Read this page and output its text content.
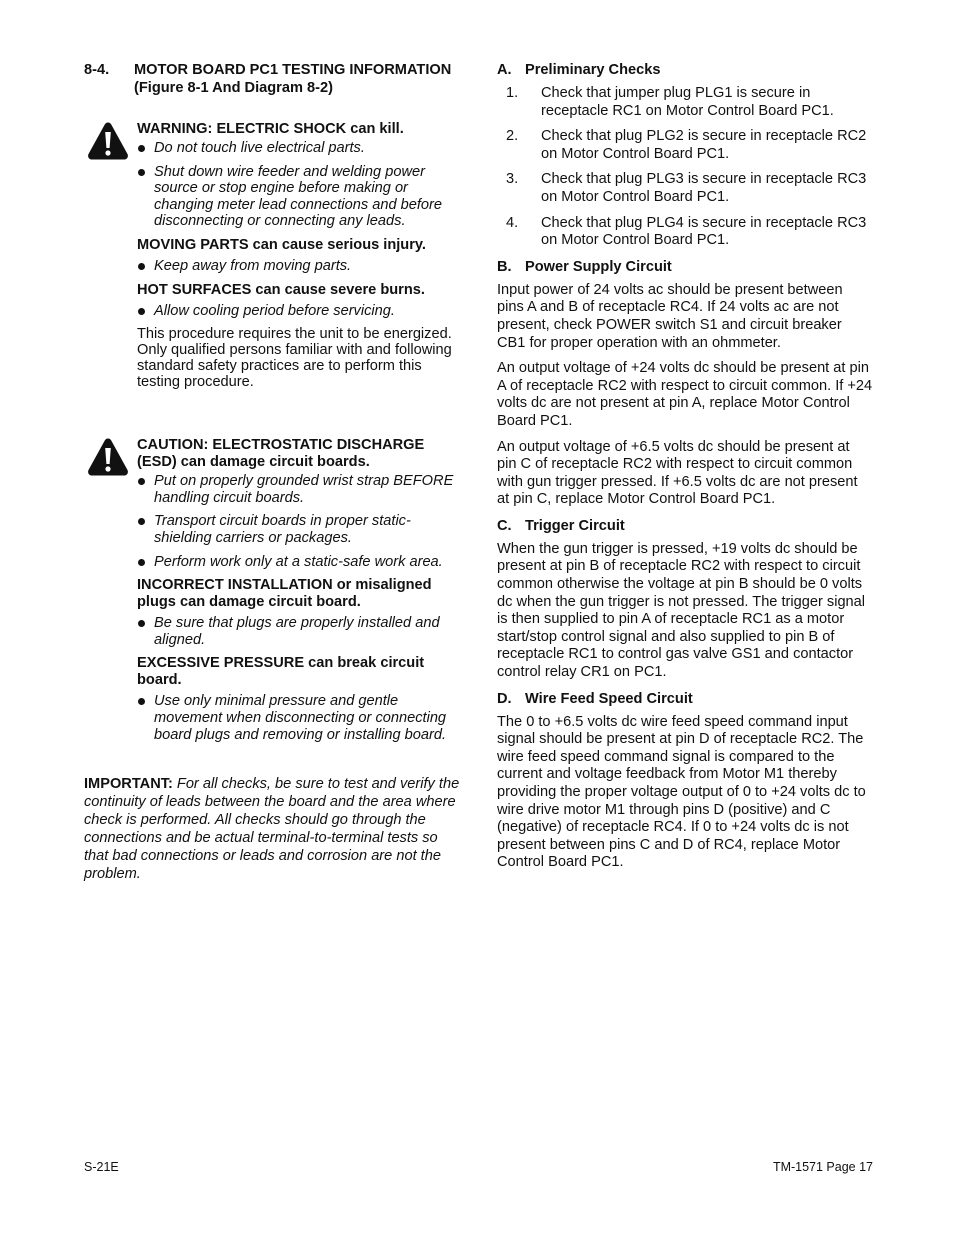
8-4.	MOTOR BOARD PC1 TESTING INFORMATION (Figure 8-1 And Diagram 8-2)

WARNING: ELECTRIC SHOCK can kill.

Do not touch live electrical parts.
Shut down wire feeder and welding power source or stop engine before making or changing meter lead connections and before disconnecting or connecting any leads.

MOVING PARTS can cause serious injury.

Keep away from moving parts.

HOT SURFACES can cause severe burns.

Allow cooling period before servicing.

This procedure requires the unit to be energized. Only qualified persons familiar with and following standard safety practices are to perform this testing procedure.

CAUTION: ELECTROSTATIC DISCHARGE (ESD) can damage circuit boards.

Put on properly grounded wrist strap BEFORE handling circuit boards.
Transport circuit boards in proper static-shielding carriers or packages.
Perform work only at a static-safe work area.

INCORRECT INSTALLATION or misaligned plugs can damage circuit board.

Be sure that plugs are properly installed and aligned.

EXCESSIVE PRESSURE can break circuit board.

Use only minimal pressure and gentle movement when disconnecting or connecting board plugs and removing or installing board.

IMPORTANT: For all checks, be sure to test and verify the continuity of leads between the board and the area where check is performed. All checks should go through the connections and be actual terminal-to-terminal tests so that bad connections or leads and corrosion are not the problem.

A. Preliminary Checks
1.	Check that jumper plug PLG1 is secure in receptacle RC1 on Motor Control Board PC1.
2.	Check that plug PLG2 is secure in receptacle RC2 on Motor Control Board PC1.
3.	Check that plug PLG3 is secure in receptacle RC3 on Motor Control Board PC1.
4.	Check that plug PLG4 is secure in receptacle RC3 on Motor Control Board PC1.
B. Power Supply Circuit

Input power of 24 volts ac should be present between pins A and B of receptacle RC4. If 24 volts ac are not present, check POWER switch S1 and circuit breaker CB1 for proper operation with an ohmmeter.

An output voltage of +24 volts dc should be present at pin A of receptacle RC2 with respect to circuit common. If +24 volts dc are not present at pin A, replace Motor Control Board PC1.

An output voltage of +6.5 volts dc should be present at pin C of receptacle RC2 with respect to circuit common with gun trigger pressed. If +6.5 volts dc are not present at pin C, replace Motor Control Board PC1.

C. Trigger Circuit

When the gun trigger is pressed, +19 volts dc should be present at pin B of receptacle RC2 with respect to circuit common otherwise the voltage at pin B should be 0 volts dc when the gun trigger is not pressed. The trigger signal is then supplied to pin A of receptacle RC1 as a motor start/stop control signal and also supplied to pin B of receptacle RC1 to control gas valve GS1 and contactor control relay CR1 on PC1.

D. Wire Feed Speed Circuit

The 0 to +6.5 volts dc wire feed speed command input signal should be present at pin D of receptacle RC2. The wire feed speed command signal is compared to the current and voltage feedback from Motor M1 thereby providing the proper voltage output of 0 to +24 volts dc to wire drive motor M1 through pins D (positive) and C (negative) of receptacle RC4. If 0 to +24 volts dc is not present between pins C and D of RC4, replace Motor Control Board PC1.

S-21E	TM-1571 Page 17
